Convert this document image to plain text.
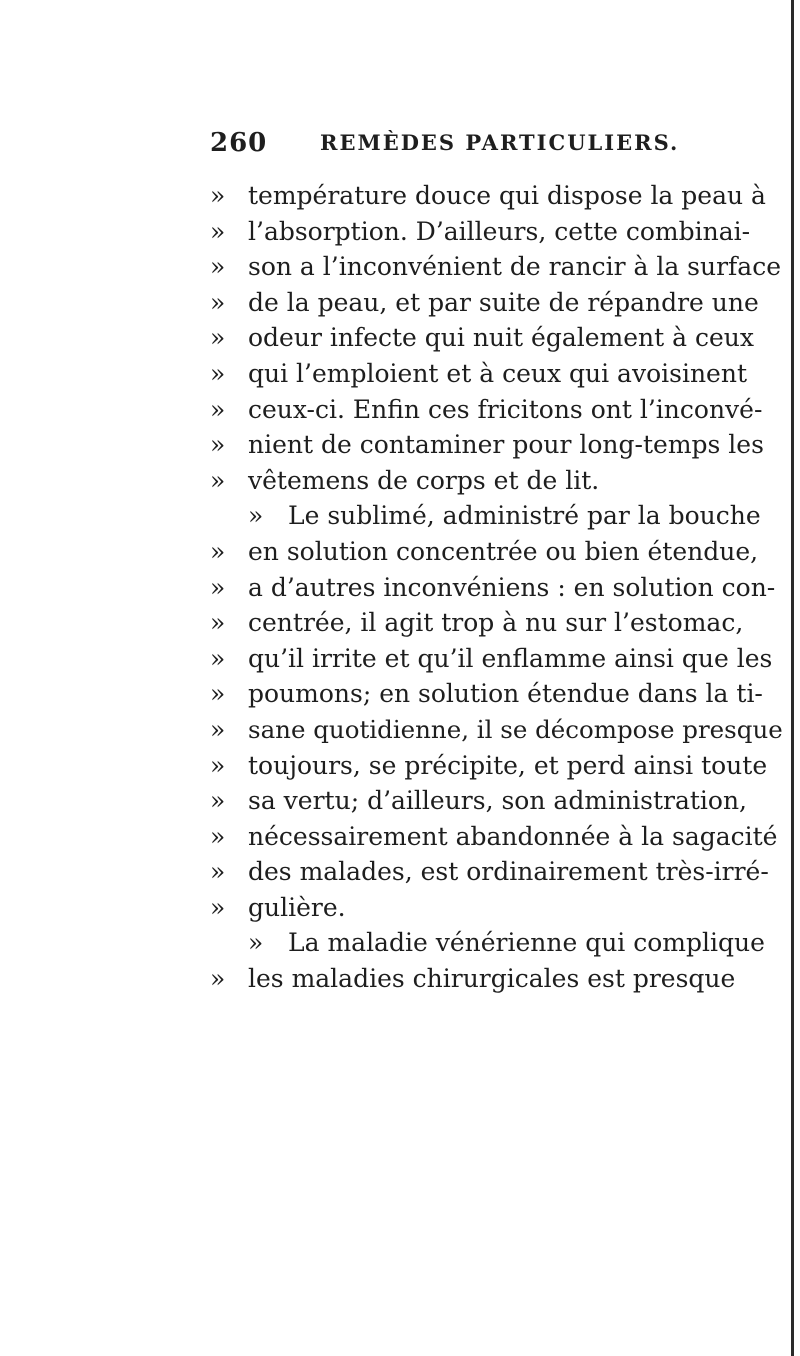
260	REMÈDES PARTICULIERS.
» température douce qui dispose la peau à
» l’absorption. D’ailleurs, cette combinai-
» son a l’inconvénient de rancir à la surface
» de la peau, et par suite de répandre une
» odeur infecte qui nuit également à ceux
» qui l’emploient et à ceux qui avoisinent
» ceux-ci. Enfin ces fricitons ont l’inconvé-
» nient de contaminer pour long-temps les
» vêtemens de corps et de lit.
» Le sublimé, administré par la bouche
» en solution concentrée ou bien étendue,
» a d’autres inconvéniens : en solution con-
» centrée, il agit trop à nu sur l’estomac,
» qu’il irrite et qu’il enflamme ainsi que les
» poumons; en solution étendue dans la ti-
» sane quotidienne, il se décompose presque
» toujours, se précipite, et perd ainsi toute
» sa vertu; d’ailleurs, son administration,
» nécessairement abandonnée à la sagacité
» des malades, est ordinairement très-irré-
» gulière.
» La maladie vénérienne qui complique
» les maladies chirurgicales est presque
